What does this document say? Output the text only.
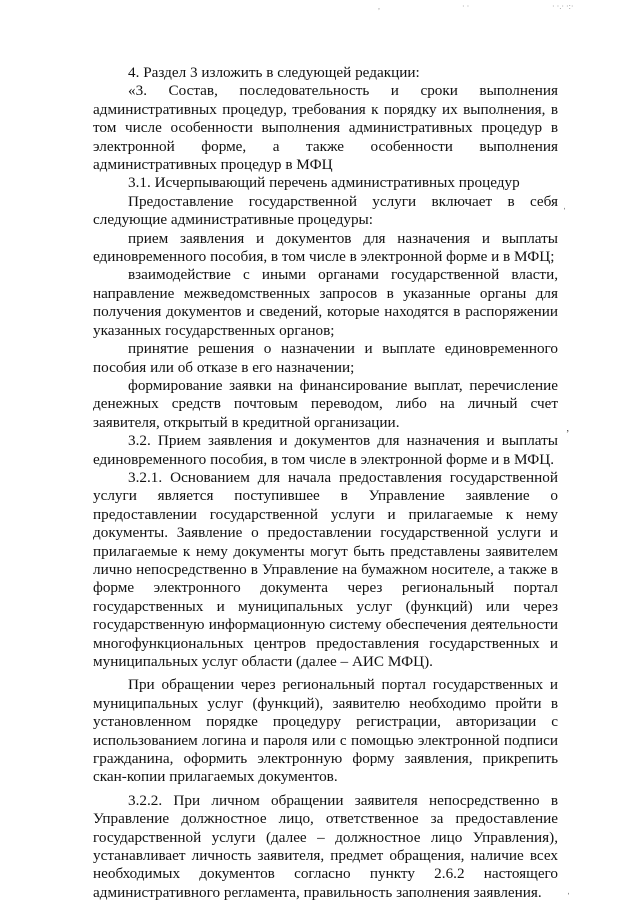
,	· ·	· ·.· ·:·

4. Раздел 3 изложить в следующей редакции:

«3. Состав, последовательность и сроки выполнения административных процедур, требования к порядку их выполнения, в том числе особенности выполнения административных процедур в электронной форме, а также особенности выполнения административных процедур в МФЦ

3.1. Исчерпывающий перечень административных процедур

Предоставление государственной услуги включает в себя следующие административные процедуры:

прием заявления и документов для назначения и выплаты единовременного пособия, в том числе в электронной форме и в МФЦ;

взаимодействие с иными органами государственной власти, направление межведомственных запросов в указанные органы для получения документов и сведений, которые находятся в распоряжении указанных государственных органов;

принятие решения о назначении и выплате единовременного пособия или об отказе в его назначении;

формирование заявки на финансирование выплат, перечисление денежных средств почтовым переводом, либо на личный счет заявителя, открытый в кредитной организации.

3.2. Прием заявления и документов для назначения и выплаты единовременного пособия, в том числе в электронной форме и в МФЦ.

3.2.1. Основанием для начала предоставления государственной услуги является поступившее в Управление заявление о предоставлении государственной услуги и прилагаемые к нему документы. Заявление о предоставлении государственной услуги и прилагаемые к нему документы могут быть представлены заявителем лично непосредственно в Управление на бумажном носителе, а также в форме электронного документа через региональный портал государственных и муниципальных услуг (функций) или через государственную информационную систему обеспечения деятельности многофункциональных центров предоставления государственных и муниципальных услуг области (далее – АИС МФЦ).

При обращении через региональный портал государственных и муниципальных услуг (функций), заявителю необходимо пройти в установленном порядке процедуру регистрации, авторизации с использованием логина и пароля или с помощью электронной подписи гражданина, оформить электронную форму заявления, прикрепить скан-копии прилагаемых документов.

3.2.2. При личном обращении заявителя непосредственно в Управление должностное лицо, ответственное за предоставление государственной услуги (далее – должностное лицо Управления), устанавливает личность заявителя, предмет обращения, наличие всех необходимых документов согласно пункту 2.6.2 настоящего административного регламента, правильность заполнения заявления.

ˌ
ʼ
ˌ
